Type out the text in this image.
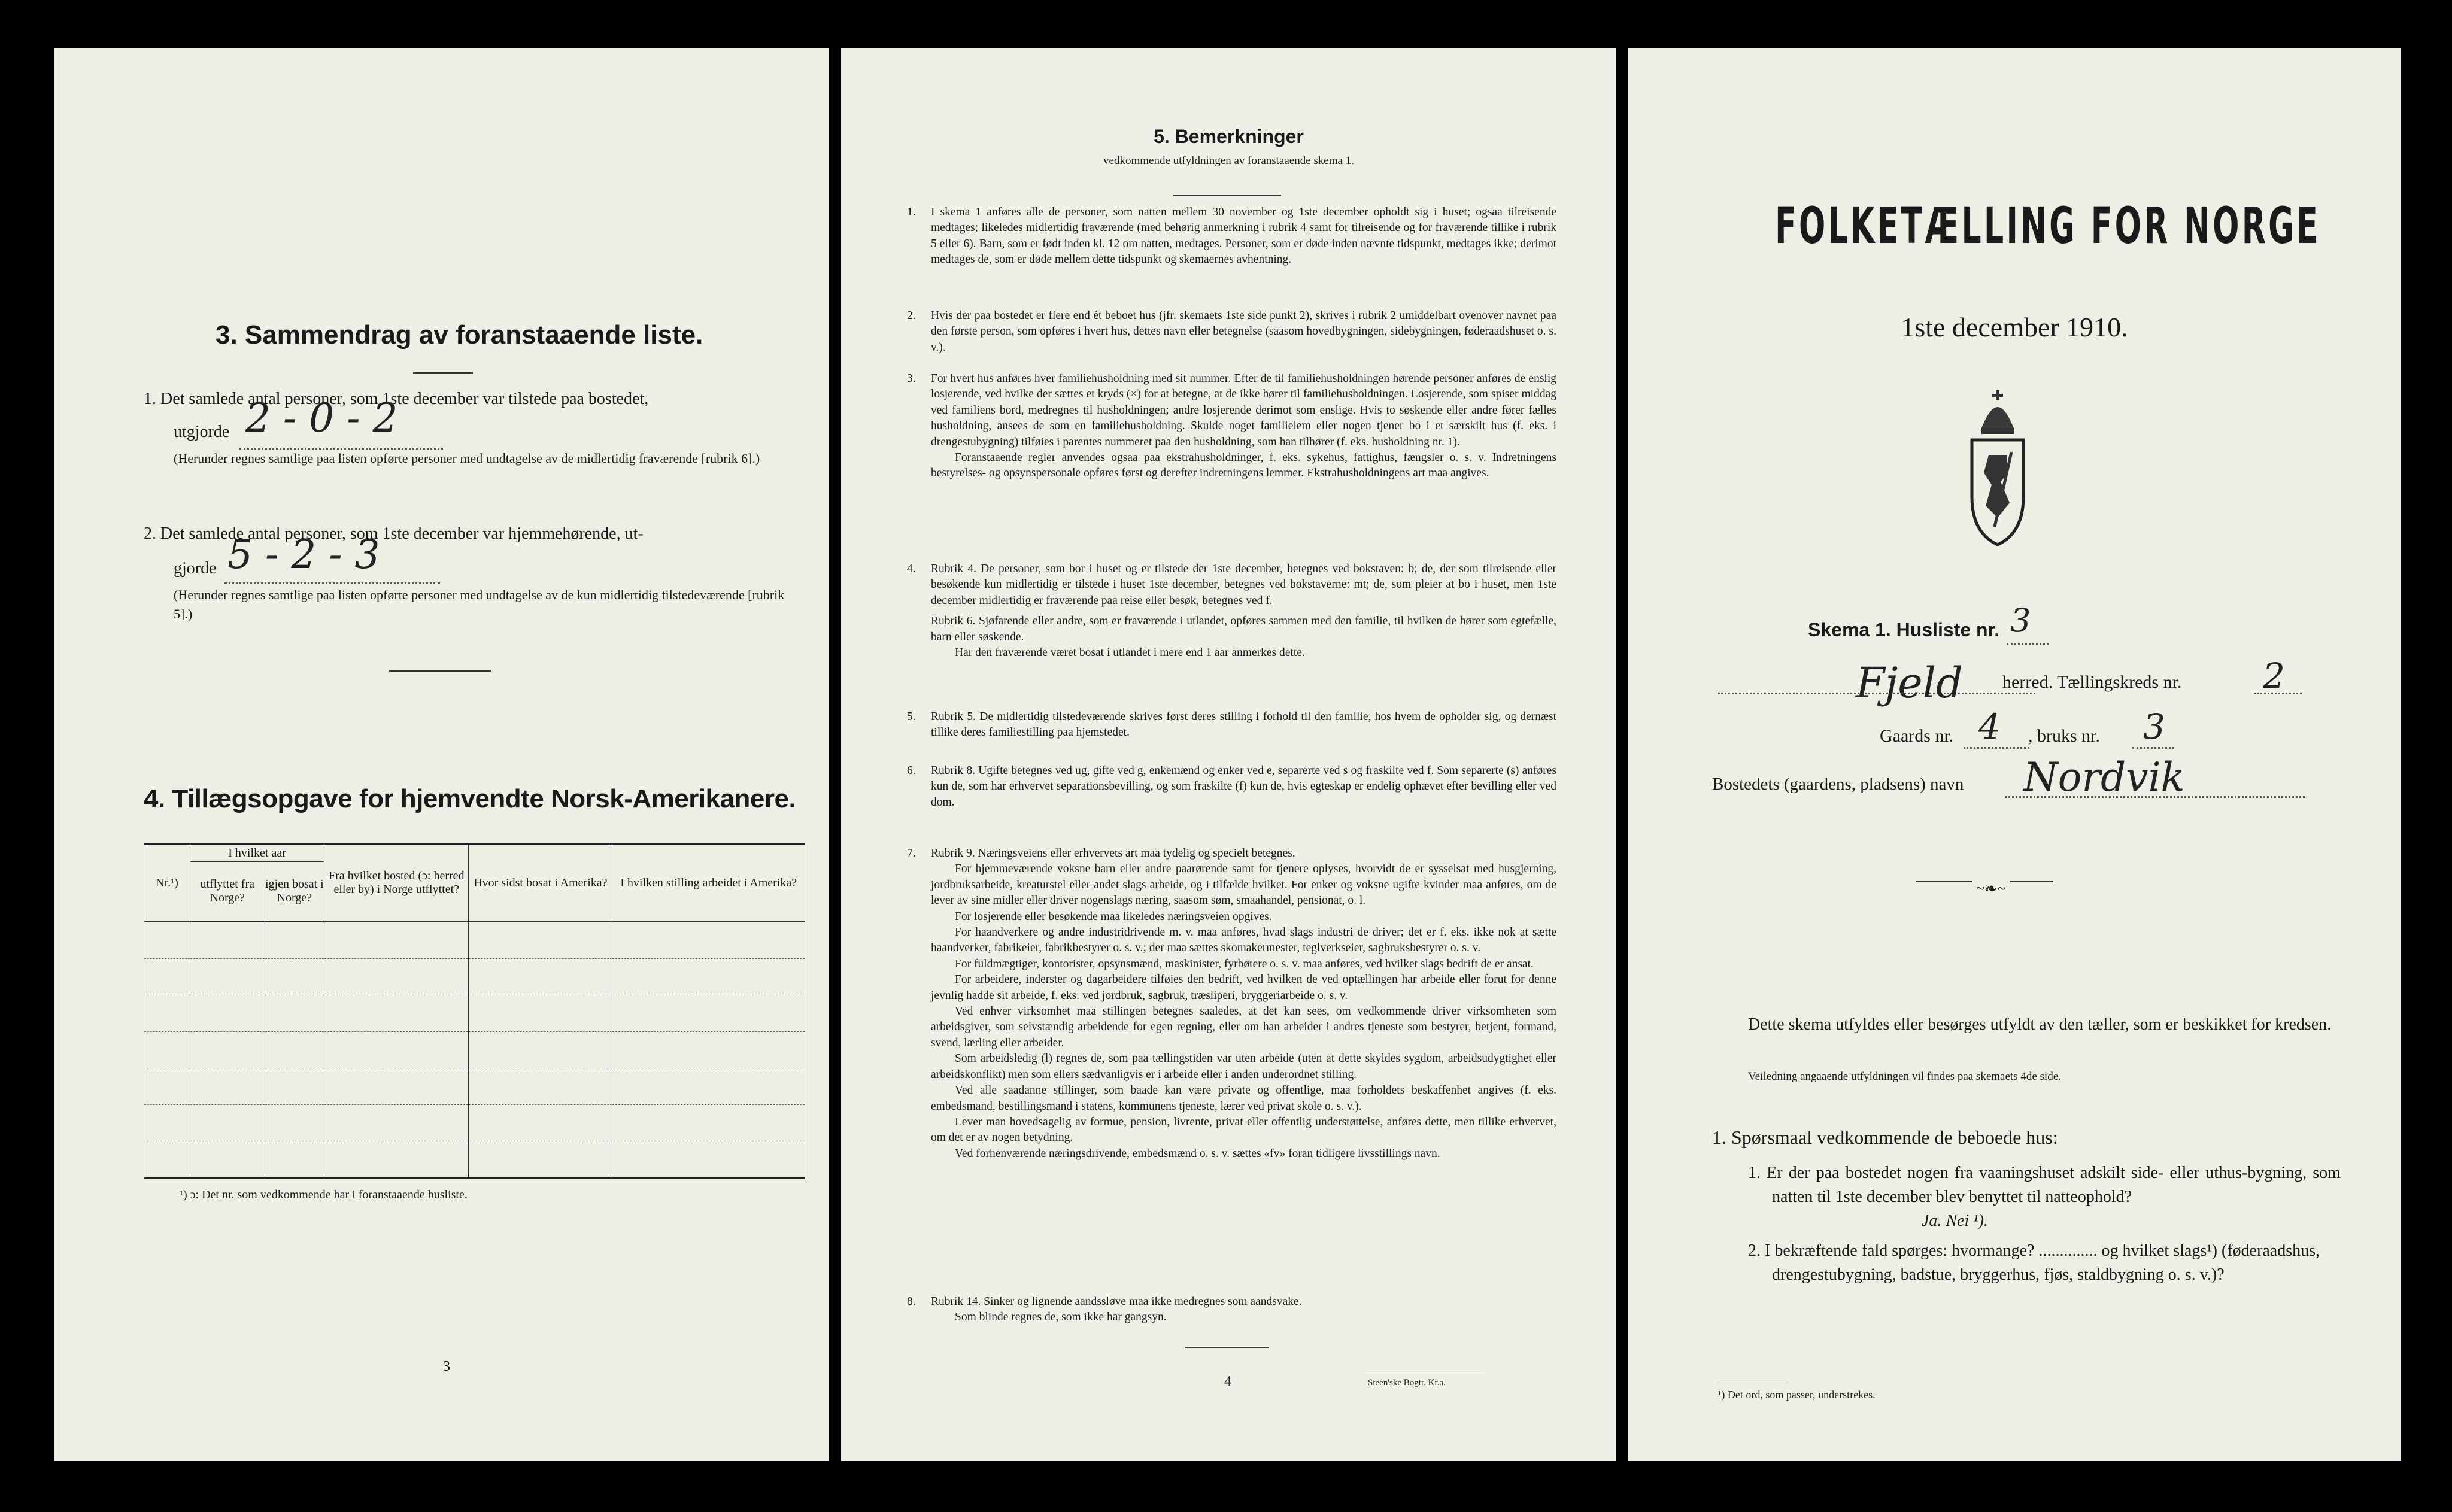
3. Sammendrag av foranstaaende liste.
1. Det samlede antal personer, som 1ste december var tilstede paa bostedet,
utgjorde 2 - 0 - 2
(Herunder regnes samtlige paa listen opførte personer med undtagelse av de midlertidig fraværende [rubrik 6].)
2. Det samlede antal personer, som 1ste december var hjemmehørende, ut-
gjorde 5 - 2 - 3
(Herunder regnes samtlige paa listen opførte personer med undtagelse av de kun midlertidig tilstedeværende [rubrik 5].)
4. Tillægsopgave for hjemvendte Norsk-Amerikanere.
Nr.¹)	I hvilket aar		Fra hvilket bosted (ɔ: herred eller by) i Norge utflyttet?	Hvor sidst bosat i Amerika?	I hvilken stilling arbeidet i Amerika?
	utflyttet fra Norge?	igjen bosat i Norge?			

¹) ɔ: Det nr. som vedkommende har i foranstaaende husliste.
3
5. Bemerkninger
vedkommende utfyldningen av foranstaaende skema 1.
1. I skema 1 anføres alle de personer, som natten mellem 30 november og 1ste december opholdt sig i huset; ogsaa tilreisende medtages; likeledes midlertidig fraværende (med behørig anmerkning i rubrik 4 samt for tilreisende og for fraværende tillike i rubrik 5 eller 6). Barn, som er født inden kl. 12 om natten, medtages. Personer, som er døde inden nævnte tidspunkt, medtages ikke; derimot medtages de, som er døde mellem dette tidspunkt og skemaernes avhentning.

2. Hvis der paa bostedet er flere end ét beboet hus (jfr. skemaets 1ste side punkt 2), skrives i rubrik 2 umiddelbart ovenover navnet paa den første person, som opføres i hvert hus, dettes navn eller betegnelse (saasom hovedbygningen, sidebygningen, føderaadshuset o. s. v.).

3. For hvert hus anføres hver familiehusholdning med sit nummer. Efter de til familiehusholdningen hørende personer anføres de enslig losjerende, ved hvilke der sættes et kryds (×) for at betegne, at de ikke hører til familiehusholdningen. Losjerende, som spiser middag ved familiens bord, medregnes til husholdningen; andre losjerende derimot som enslige. Hvis to søskende eller andre fører fælles husholdning, ansees de som en familiehusholdning. Skulde noget familielem eller nogen tjener bo i et særskilt hus (f. eks. i drengestubygning) tilføies i parentes nummeret paa den husholdning, som han tilhører (f. eks. husholdning nr. 1).

Foranstaaende regler anvendes ogsaa paa ekstrahusholdninger, f. eks. sykehus, fattighus, fængsler o. s. v. Indretningens bestyrelses- og opsynspersonale opføres først og derefter indretningens lemmer. Ekstrahusholdningens art maa angives.

4. Rubrik 4. De personer, som bor i huset og er tilstede der 1ste december, betegnes ved bokstaven: b; de, der som tilreisende eller besøkende kun midlertidig er tilstede i huset 1ste december, betegnes ved bokstaverne: mt; de, som pleier at bo i huset, men 1ste december midlertidig er fraværende paa reise eller besøk, betegnes ved f.

Rubrik 6. Sjøfarende eller andre, som er fraværende i utlandet, opføres sammen med den familie, til hvilken de hører som egtefælle, barn eller søskende.

Har den fraværende været bosat i utlandet i mere end 1 aar anmerkes dette.

5. Rubrik 5. De midlertidig tilstedeværende skrives først deres stilling i forhold til den familie, hos hvem de opholder sig, og dernæst tillike deres familiestilling paa hjemstedet.

6. Rubrik 8. Ugifte betegnes ved ug, gifte ved g, enkemænd og enker ved e, separerte ved s og fraskilte ved f. Som separerte (s) anføres kun de, som har erhvervet separationsbevilling, og som fraskilte (f) kun de, hvis egteskap er endelig ophævet efter bevilling eller ved dom.

7. Rubrik 9. Næringsveiens eller erhvervets art maa tydelig og specielt betegnes.

For hjemmeværende voksne barn eller andre paarørende samt for tjenere oplyses, hvorvidt de er sysselsat med husgjerning, jordbruksarbeide, kreaturstel eller andet slags arbeide, og i tilfælde hvilket. For enker og voksne ugifte kvinder maa anføres, om de lever av sine midler eller driver nogenslags næring, saasom søm, smaahandel, pensionat, o. l.

For losjerende eller besøkende maa likeledes næringsveien opgives.

For haandverkere og andre industridrivende m. v. maa anføres, hvad slags industri de driver; det er f. eks. ikke nok at sætte haandverker, fabrikeier, fabrikbestyrer o. s. v.; der maa sættes skomakermester, teglverkseier, sagbruksbestyrer o. s. v.

For fuldmægtiger, kontorister, opsynsmænd, maskinister, fyrbøtere o. s. v. maa anføres, ved hvilket slags bedrift de er ansat.

For arbeidere, inderster og dagarbeidere tilføies den bedrift, ved hvilken de ved optællingen har arbeide eller forut for denne jevnlig hadde sit arbeide, f. eks. ved jordbruk, sagbruk, træsliperi, bryggeriarbeide o. s. v.

Ved enhver virksomhet maa stillingen betegnes saaledes, at det kan sees, om vedkommende driver virksomheten som arbeidsgiver, som selvstændig arbeidende for egen regning, eller om han arbeider i andres tjeneste som bestyrer, betjent, formand, svend, lærling eller arbeider.

Som arbeidsledig (l) regnes de, som paa tællingstiden var uten arbeide (uten at dette skyldes sygdom, arbeidsudygtighet eller arbeidskonflikt) men som ellers sædvanligvis er i arbeide eller i anden underordnet stilling.

Ved alle saadanne stillinger, som baade kan være private og offentlige, maa forholdets beskaffenhet angives (f. eks. embedsmand, bestillingsmand i statens, kommunens tjeneste, lærer ved privat skole o. s. v.).

Lever man hovedsagelig av formue, pension, livrente, privat eller offentlig understøttelse, anføres dette, men tillike erhvervet, om det er av nogen betydning.

Ved forhenværende næringsdrivende, embedsmænd o. s. v. sættes «fv» foran tidligere livsstillings navn.

8. Rubrik 14. Sinker og lignende aandssløve maa ikke medregnes som aandsvake.

Som blinde regnes de, som ikke har gangsyn.

4	Steen'ske Bogtr. Kr.a.
FOLKETÆLLING FOR NORGE
1ste december 1910.
Skema 1. Husliste nr. 3
Fjeld herred. Tællingskreds nr. 2
Gaards nr. 4 , bruks nr. 3
Bostedets (gaardens, pladsens) navn Nordvik
~❧~
Dette skema utfyldes eller besørges utfyldt av den tæller, som er beskikket for kredsen.
Veiledning angaaende utfyldningen vil findes paa skemaets 4de side.
1. Spørsmaal vedkommende de beboede hus:
1. Er der paa bostedet nogen fra vaaningshuset adskilt side- eller uthus-bygning, som natten til 1ste december blev benyttet til natteophold?
Ja. Nei ¹).
2. I bekræftende fald spørges: hvormange? .............. og hvilket slags¹) (føderaadshus, drengestubygning, badstue, bryggerhus, fjøs, staldbygning o. s. v.)?
¹) Det ord, som passer, understrekes.
